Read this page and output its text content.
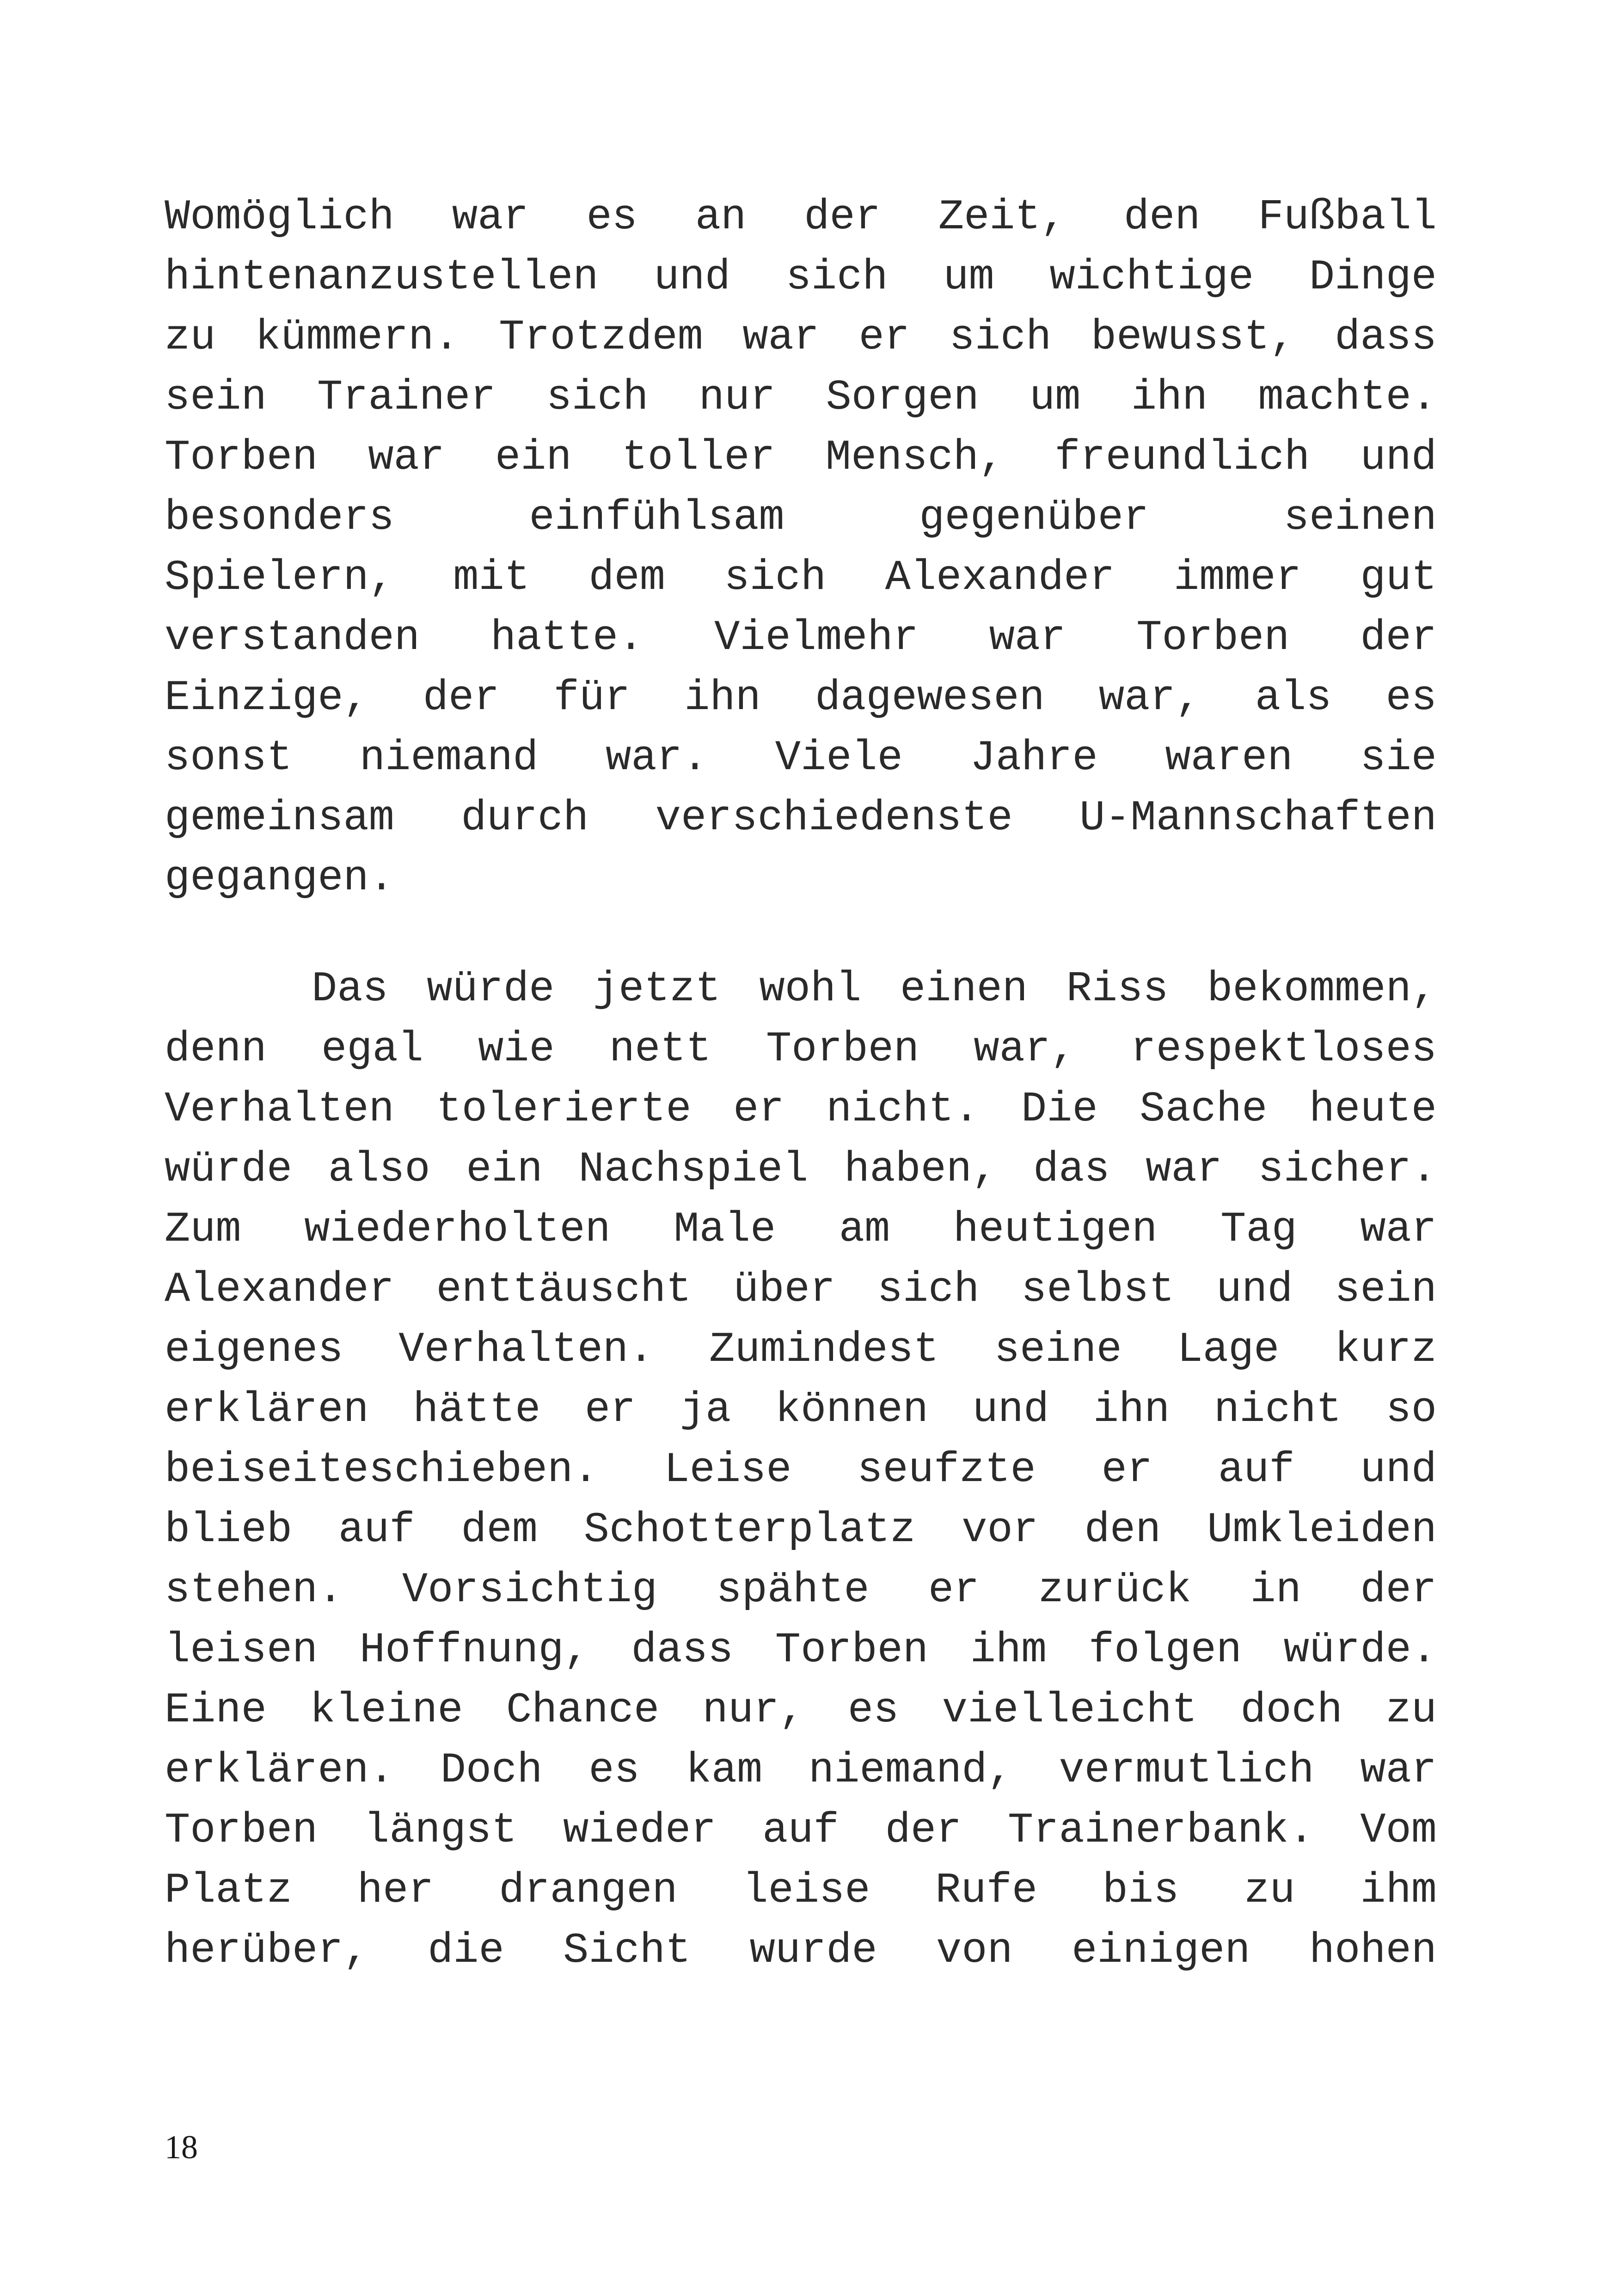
Womöglich war es an der Zeit, den Fußball
hintenanzustellen und sich um wichtige Dinge
zu kümmern. Trotzdem war er sich bewusst, dass
sein Trainer sich nur Sorgen um ihn machte.
Torben war ein toller Mensch, freundlich und
besonders einfühlsam gegenüber seinen
Spielern, mit dem sich Alexander immer gut
verstanden hatte. Vielmehr war Torben der
Einzige, der für ihn dagewesen war, als es
sonst niemand war. Viele Jahre waren sie
gemeinsam durch verschiedenste U-Mannschaften
gegangen.
Das würde jetzt wohl einen Riss bekommen,
denn egal wie nett Torben war, respektloses
Verhalten tolerierte er nicht. Die Sache heute
würde also ein Nachspiel haben, das war sicher.
Zum wiederholten Male am heutigen Tag war
Alexander enttäuscht über sich selbst und sein
eigenes Verhalten. Zumindest seine Lage kurz
erklären hätte er ja können und ihn nicht so
beiseiteschieben. Leise seufzte er auf und
blieb auf dem Schotterplatz vor den Umkleiden
stehen. Vorsichtig spähte er zurück in der
leisen Hoffnung, dass Torben ihm folgen würde.
Eine kleine Chance nur, es vielleicht doch zu
erklären. Doch es kam niemand, vermutlich war
Torben längst wieder auf der Trainerbank. Vom
Platz her drangen leise Rufe bis zu ihm
herüber, die Sicht wurde von einigen hohen
18
